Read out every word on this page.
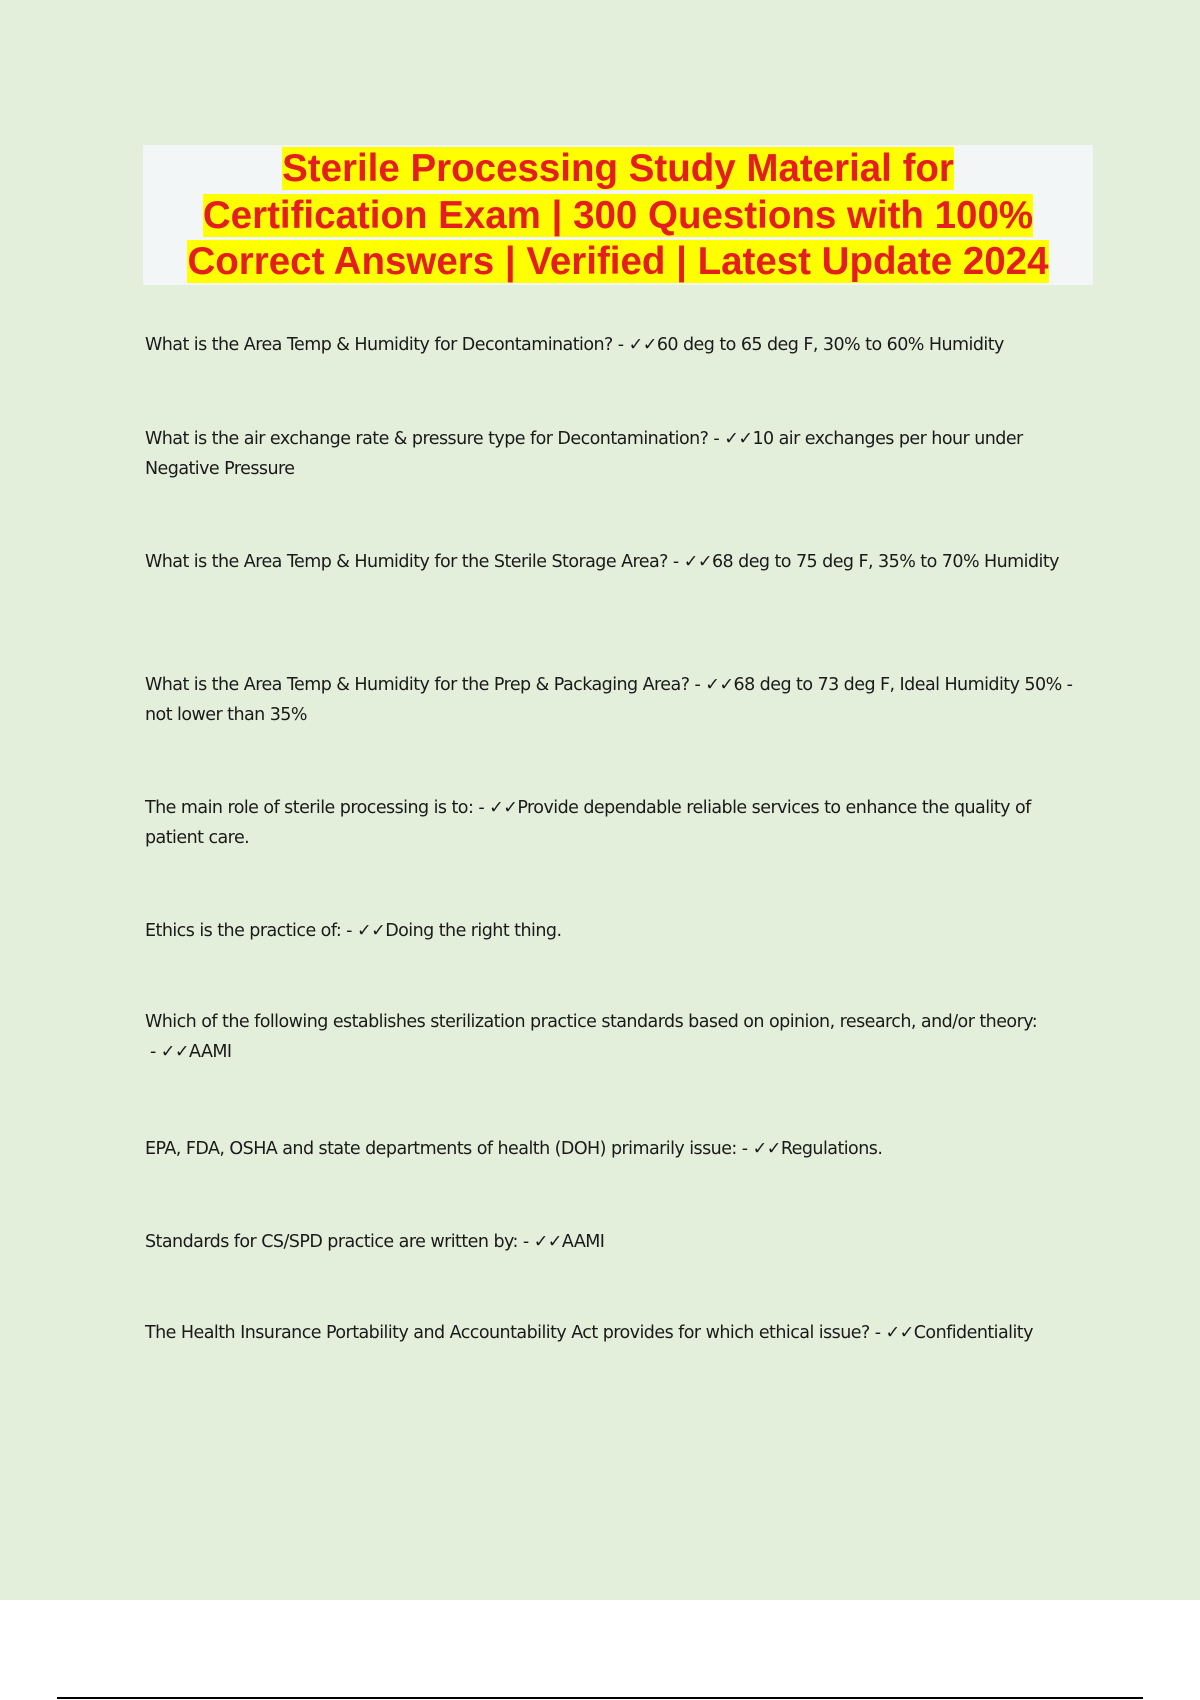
Sterile Processing Study Material for
Certification Exam | 300 Questions with 100%
Correct Answers | Verified | Latest Update 2024

What is the Area Temp & Humidity for Decontamination? - ✓✓60 deg to 65 deg F, 30% to 60% Humidity

What is the air exchange rate & pressure type for Decontamination? - ✓✓10 air exchanges per hour under Negative Pressure

What is the Area Temp & Humidity for the Sterile Storage Area? - ✓✓68 deg to 75 deg F, 35% to 70% Humidity

What is the Area Temp & Humidity for the Prep & Packaging Area? - ✓✓68 deg to 73 deg F, Ideal Humidity 50% - not lower than 35%

The main role of sterile processing is to: - ✓✓Provide dependable reliable services to enhance the quality of patient care.

Ethics is the practice of: - ✓✓Doing the right thing.

Which of the following establishes sterilization practice standards based on opinion, research, and/or theory: - ✓✓AAMI

EPA, FDA, OSHA and state departments of health (DOH) primarily issue: - ✓✓Regulations.

Standards for CS/SPD practice are written by: - ✓✓AAMI

The Health Insurance Portability and Accountability Act provides for which ethical issue? - ✓✓Confidentiality
